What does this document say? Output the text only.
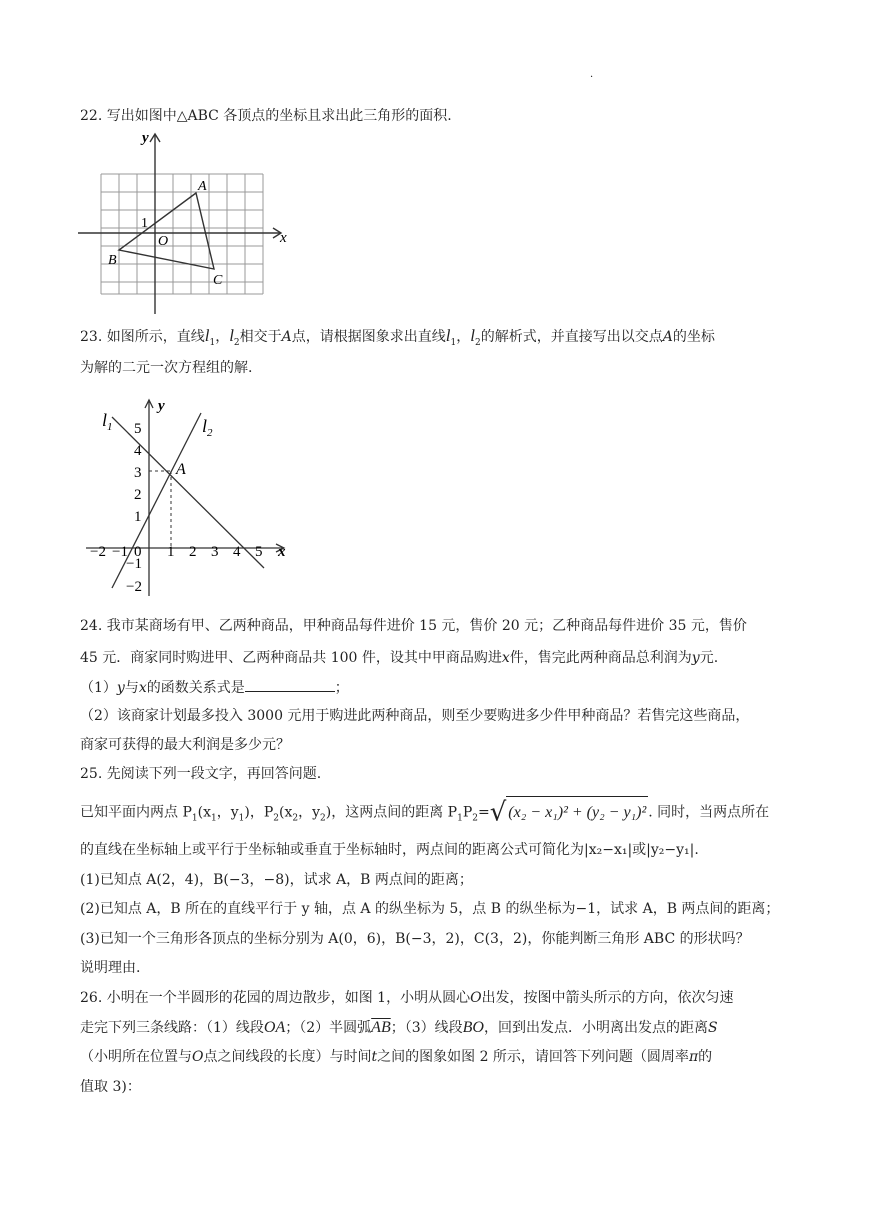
·
22. 写出如图中△ABC 各顶点的坐标且求出此三角形的面积.
y
x
A
B
C
O
1
23. 如图所示，直线$l_1$，$l_2$相交于A点，请根据图象求出直线$l_1$，$l_2$的解析式，并直接写出以交点A的坐标
为解的二元一次方程组的解.
y
x
$l_1$	$l_2$
A
5
4
3
2
1
−1
−2
−2 −1 0 1 2 3 4 5
24. 我市某商场有甲、乙两种商品，甲种商品每件进价 15 元，售价 20 元；乙种商品每件进价 35 元，售价
45 元．商家同时购进甲、乙两种商品共 100 件，设其中甲商品购进x件，售完此两种商品总利润为y元.
（1）y与x的函数关系式是	；
（2）该商家计划最多投入 3000 元用于购进此两种商品，则至少要购进多少件甲种商品？若售完这些商品，
商家可获得的最大利润是多少元？
25. 先阅读下列一段文字，再回答问题.
已知平面内两点 $P_1(x_1$，$y_1$)，$P_2(x_2$，$y_2$)，这两点间的距离 $P_1P_2=√$ (x₂ − x₁)² + (y₂ − y₁)² . 同时，当两点所在
的直线在坐标轴上或平行于坐标轴或垂直于坐标轴时，两点间的距离公式可简化为|x₂−x₁|或|y₂−y₁|.
(1)已知点 A(2，4)，B(−3，−8)，试求 A，B 两点间的距离；
(2)已知点 A，B 所在的直线平行于 y 轴，点 A 的纵坐标为 5，点 B 的纵坐标为−1，试求 A，B 两点间的距离；
(3)已知一个三角形各顶点的坐标分别为 A(0，6)，B(−3，2)，C(3，2)，你能判断三角形 ABC 的形状吗？
说明理由.
26. 小明在一个半圆形的花园的周边散步，如图 1，小明从圆心O出发，按图中箭头所示的方向，依次匀速
走完下列三条线路：（1）线段OA；（2）半圆弧$\overline{AB}$；（3）线段BO，回到出发点．小明离出发点的距离S
（小明所在位置与O点之间线段的长度）与时间t之间的图象如图 2 所示，请回答下列问题（圆周率π的
值取 3)：
